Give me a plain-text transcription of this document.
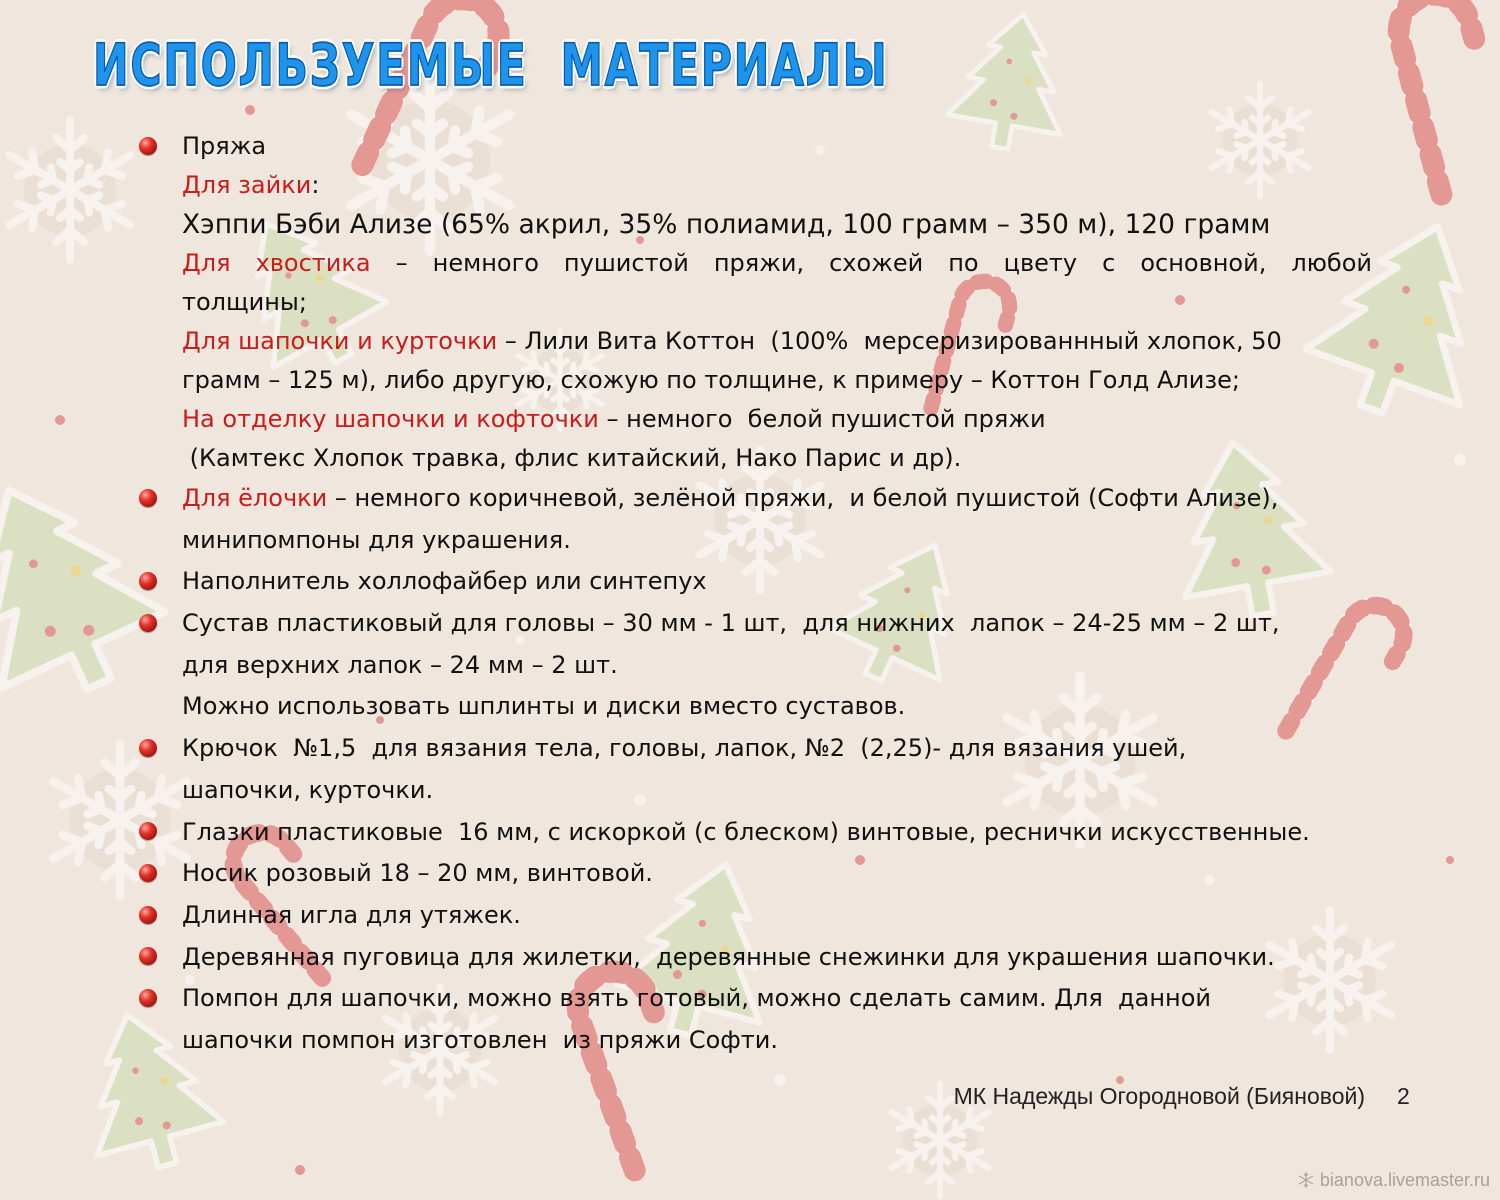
ИСПОЛЬЗУЕМЫЕ  МАТЕРИАЛЫ
Пряжа
Для зайки:
Хэппи Бэби Ализе (65% акрил, 35% полиамид, 100 грамм – 350 м), 120 грамм
Для хвостика – немного пушистой пряжи, схожей по цвету с основной, любой
толщины;
Для шапочки и курточки – Лили Вита Коттон  (100%  мерсеризированнный хлопок, 50
грамм – 125 м), либо другую, схожую по толщине, к примеру – Коттон Голд Ализе;
На отделку шапочки и кофточки – немного  белой пушистой пряжи
(Камтекс Хлопок травка, флис китайский, Нако Парис и др).
Для ёлочки – немного коричневой, зелёной пряжи,  и белой пушистой (Софти Ализе),
минипомпоны для украшения.
Наполнитель холлофайбер или синтепух
Сустав пластиковый для головы – 30 мм - 1 шт,  для нижних  лапок – 24-25 мм – 2 шт,
для верхних лапок – 24 мм – 2 шт.
Можно использовать шплинты и диски вместо суставов.
Крючок  №1,5  для вязания тела, головы, лапок, №2  (2,25)- для вязания ушей,
шапочки, курточки.
Глазки пластиковые  16 мм, с искоркой (с блеском) винтовые, реснички искусственные.
Носик розовый 18 – 20 мм, винтовой.
Длинная игла для утяжек.
Деревянная пуговица для жилетки,  деревянные снежинки для украшения шапочки.
Помпон для шапочки, можно взять готовый, можно сделать самим. Для  данной
шапочки помпон изготовлен  из пряжи Софти.
МК Надежды Огородновой (Бияновой) 2
bianova.livemaster.ru
